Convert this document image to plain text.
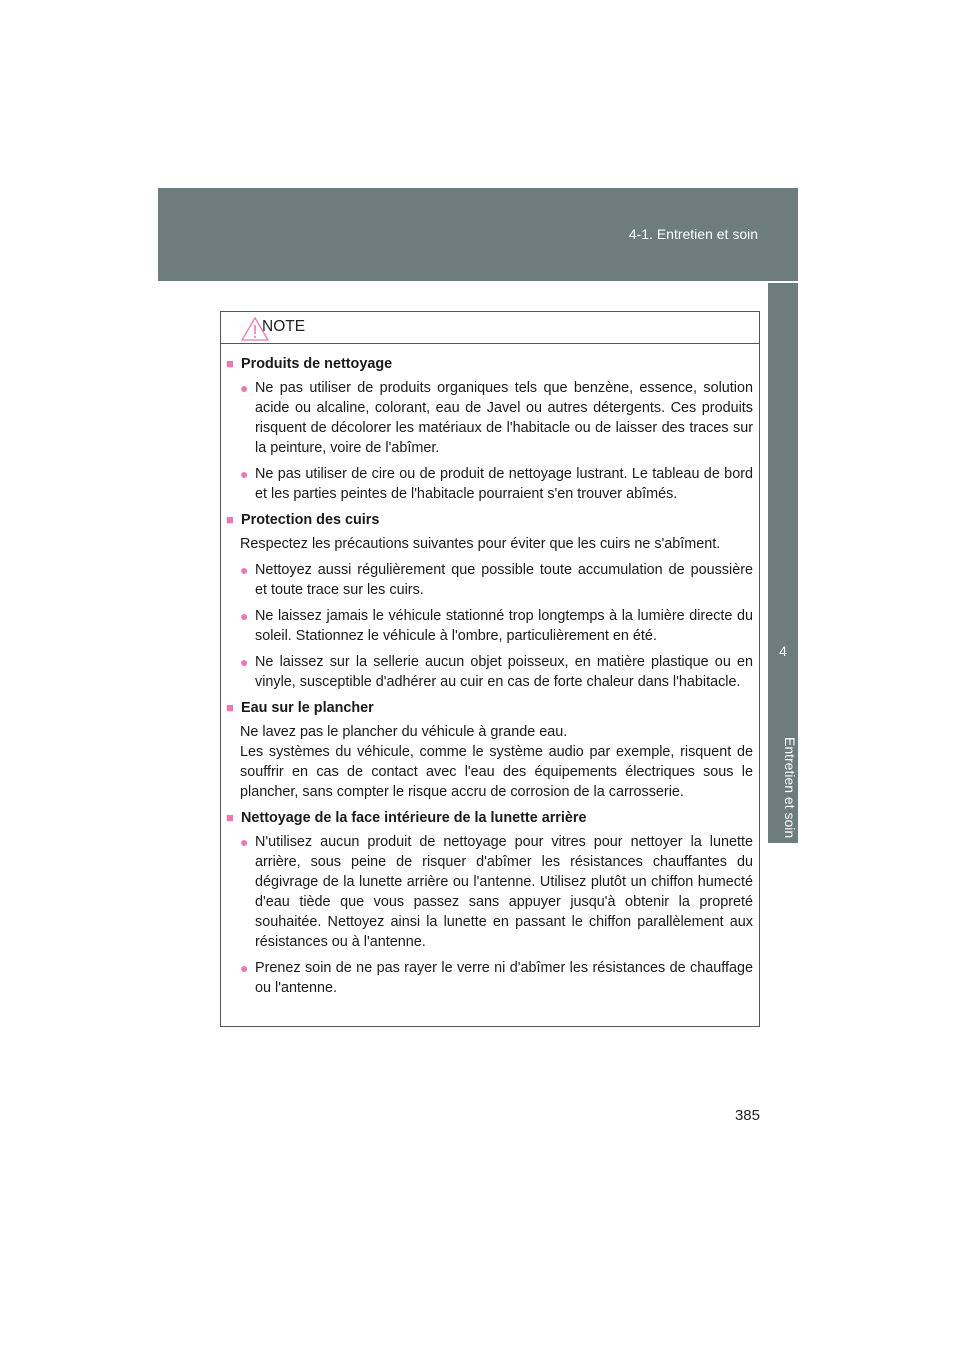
4-1. Entretien et soin
4
Entretien et soin
NOTE
■ Produits de nettoyage
● Ne pas utiliser de produits organiques tels que benzène, essence, solution acide ou alcaline, colorant, eau de Javel ou autres détergents. Ces produits risquent de décolorer les matériaux de l'habitacle ou de laisser des traces sur la peinture, voire de l'abîmer.
● Ne pas utiliser de cire ou de produit de nettoyage lustrant. Le tableau de bord et les parties peintes de l'habitacle pourraient s'en trouver abîmés.
■ Protection des cuirs
Respectez les précautions suivantes pour éviter que les cuirs ne s'abîment.
● Nettoyez aussi régulièrement que possible toute accumulation de poussière et toute trace sur les cuirs.
● Ne laissez jamais le véhicule stationné trop longtemps à la lumière directe du soleil. Stationnez le véhicule à l'ombre, particulièrement en été.
● Ne laissez sur la sellerie aucun objet poisseux, en matière plastique ou en vinyle, susceptible d'adhérer au cuir en cas de forte chaleur dans l'habitacle.
■ Eau sur le plancher
Ne lavez pas le plancher du véhicule à grande eau.
Les systèmes du véhicule, comme le système audio par exemple, risquent de souffrir en cas de contact avec l'eau des équipements électriques sous le plancher, sans compter le risque accru de corrosion de la carrosserie.
■ Nettoyage de la face intérieure de la lunette arrière
● N'utilisez aucun produit de nettoyage pour vitres pour nettoyer la lunette arrière, sous peine de risquer d'abîmer les résistances chauffantes du dégivrage de la lunette arrière ou l'antenne. Utilisez plutôt un chiffon humecté d'eau tiède que vous passez sans appuyer jusqu'à obtenir la propreté souhaitée. Nettoyez ainsi la lunette en passant le chiffon parallèlement aux résistances ou à l'antenne.
● Prenez soin de ne pas rayer le verre ni d'abîmer les résistances de chauffage ou l'antenne.
385
